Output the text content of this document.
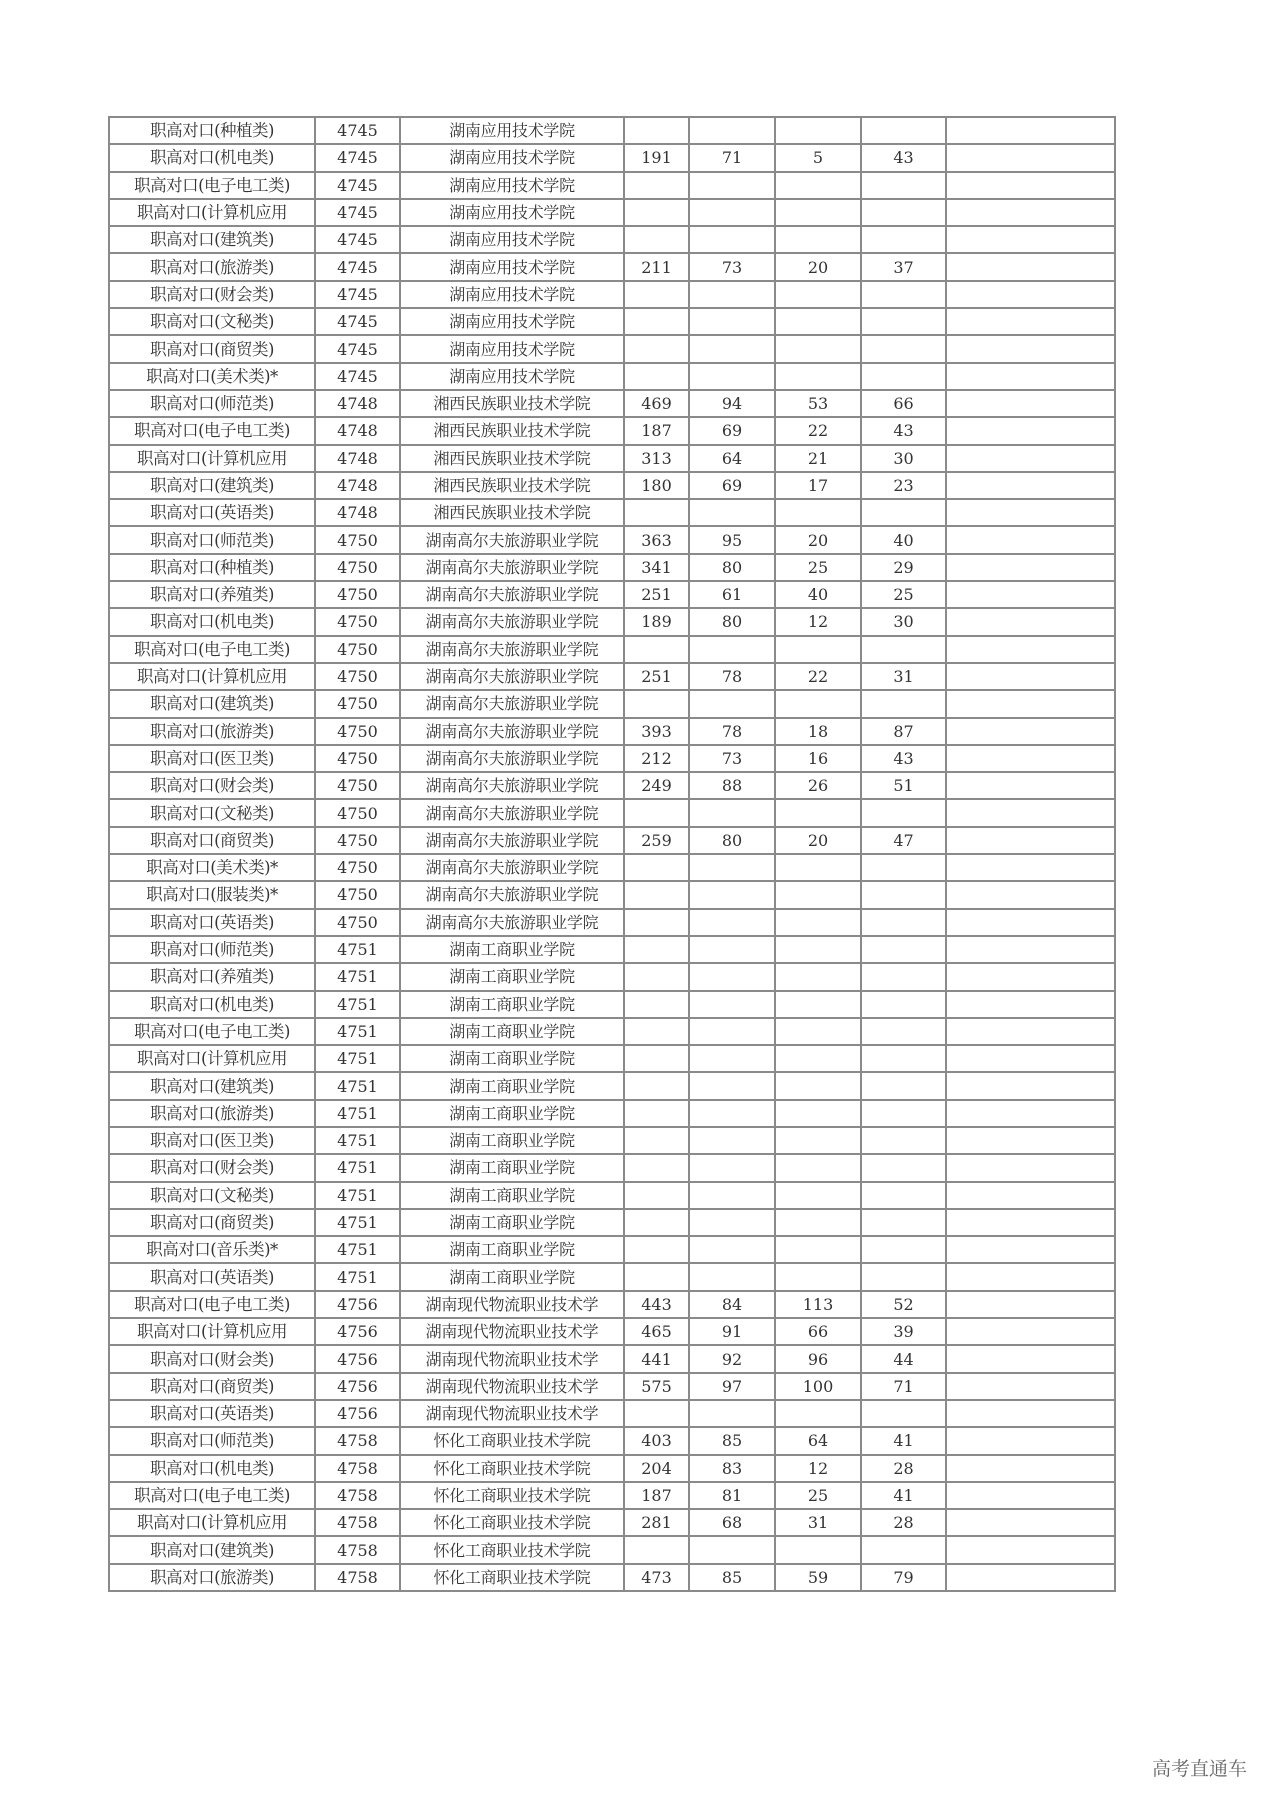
职高对口(种植类)	4745	湖南应用技术学院					
职高对口(机电类)	4745	湖南应用技术学院	191	71	5	43	
职高对口(电子电工类)	4745	湖南应用技术学院					
职高对口(计算机应用	4745	湖南应用技术学院					
职高对口(建筑类)	4745	湖南应用技术学院					
职高对口(旅游类)	4745	湖南应用技术学院	211	73	20	37	
职高对口(财会类)	4745	湖南应用技术学院					
职高对口(文秘类)	4745	湖南应用技术学院					
职高对口(商贸类)	4745	湖南应用技术学院					
职高对口(美术类)*	4745	湖南应用技术学院					
职高对口(师范类)	4748	湘西民族职业技术学院	469	94	53	66	
职高对口(电子电工类)	4748	湘西民族职业技术学院	187	69	22	43	
职高对口(计算机应用	4748	湘西民族职业技术学院	313	64	21	30	
职高对口(建筑类)	4748	湘西民族职业技术学院	180	69	17	23	
职高对口(英语类)	4748	湘西民族职业技术学院					
职高对口(师范类)	4750	湖南高尔夫旅游职业学院	363	95	20	40	
职高对口(种植类)	4750	湖南高尔夫旅游职业学院	341	80	25	29	
职高对口(养殖类)	4750	湖南高尔夫旅游职业学院	251	61	40	25	
职高对口(机电类)	4750	湖南高尔夫旅游职业学院	189	80	12	30	
职高对口(电子电工类)	4750	湖南高尔夫旅游职业学院					
职高对口(计算机应用	4750	湖南高尔夫旅游职业学院	251	78	22	31	
职高对口(建筑类)	4750	湖南高尔夫旅游职业学院					
职高对口(旅游类)	4750	湖南高尔夫旅游职业学院	393	78	18	87	
职高对口(医卫类)	4750	湖南高尔夫旅游职业学院	212	73	16	43	
职高对口(财会类)	4750	湖南高尔夫旅游职业学院	249	88	26	51	
职高对口(文秘类)	4750	湖南高尔夫旅游职业学院					
职高对口(商贸类)	4750	湖南高尔夫旅游职业学院	259	80	20	47	
职高对口(美术类)*	4750	湖南高尔夫旅游职业学院					
职高对口(服装类)*	4750	湖南高尔夫旅游职业学院					
职高对口(英语类)	4750	湖南高尔夫旅游职业学院					
职高对口(师范类)	4751	湖南工商职业学院					
职高对口(养殖类)	4751	湖南工商职业学院					
职高对口(机电类)	4751	湖南工商职业学院					
职高对口(电子电工类)	4751	湖南工商职业学院					
职高对口(计算机应用	4751	湖南工商职业学院					
职高对口(建筑类)	4751	湖南工商职业学院					
职高对口(旅游类)	4751	湖南工商职业学院					
职高对口(医卫类)	4751	湖南工商职业学院					
职高对口(财会类)	4751	湖南工商职业学院					
职高对口(文秘类)	4751	湖南工商职业学院					
职高对口(商贸类)	4751	湖南工商职业学院					
职高对口(音乐类)*	4751	湖南工商职业学院					
职高对口(英语类)	4751	湖南工商职业学院					
职高对口(电子电工类)	4756	湖南现代物流职业技术学	443	84	113	52	
职高对口(计算机应用	4756	湖南现代物流职业技术学	465	91	66	39	
职高对口(财会类)	4756	湖南现代物流职业技术学	441	92	96	44	
职高对口(商贸类)	4756	湖南现代物流职业技术学	575	97	100	71	
职高对口(英语类)	4756	湖南现代物流职业技术学					
职高对口(师范类)	4758	怀化工商职业技术学院	403	85	64	41	
职高对口(机电类)	4758	怀化工商职业技术学院	204	83	12	28	
职高对口(电子电工类)	4758	怀化工商职业技术学院	187	81	25	41	
职高对口(计算机应用	4758	怀化工商职业技术学院	281	68	31	28	
职高对口(建筑类)	4758	怀化工商职业技术学院					
职高对口(旅游类)	4758	怀化工商职业技术学院	473	85	59	79	
高考直通车
